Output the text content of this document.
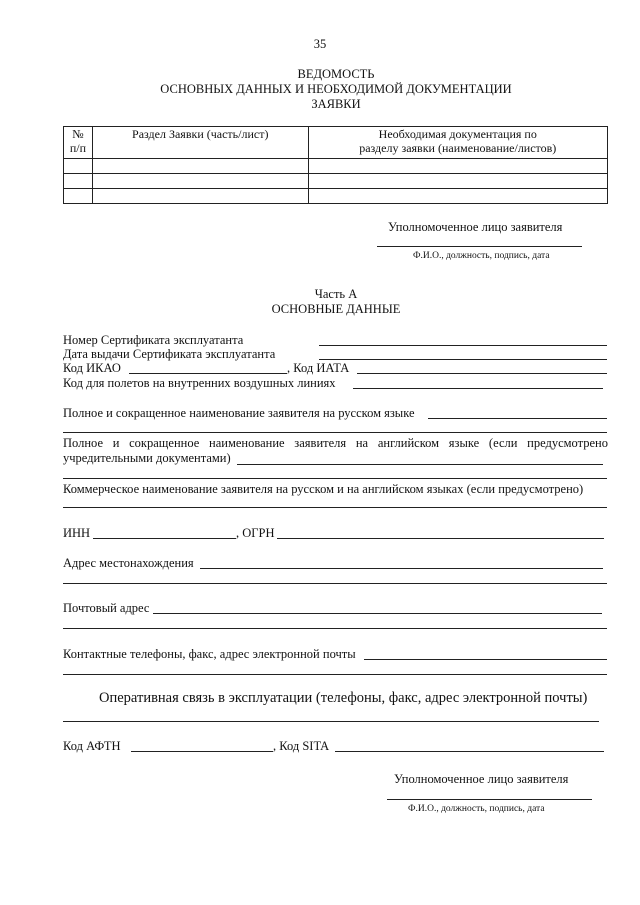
35
ВЕДОМОСТЬ
ОСНОВНЫХ ДАННЫХ И НЕОБХОДИМОЙ ДОКУМЕНТАЦИИ
ЗАЯВКИ
№
п/п	Раздел Заявки (часть/лист)	Необходимая документация по
разделу заявки (наименование/листов)

Уполномоченное лицо заявителя
Ф.И.О., должность, подпись, дата
Часть А
ОСНОВНЫЕ ДАННЫЕ
Номер Сертификата эксплуатанта
Дата выдачи Сертификата эксплуатанта
Код ИКАО	, Код ИАТА
Код для полетов на внутренних воздушных линиях
Полное и сокращенное наименование заявителя на русском языке
Полное и сокращенное наименование заявителя на английском языке (если предусмотрено
учредительными документами)
Коммерческое наименование заявителя на русском и на английском языках (если предусмотрено)
ИНН	, ОГРН
Адрес местонахождения
Почтовый адрес
Контактные телефоны, факс, адрес электронной почты
Оперативная связь в эксплуатации (телефоны, факс, адрес электронной почты)
Код АФТН	, Код SITA
Уполномоченное лицо заявителя
Ф.И.О., должность, подпись, дата
